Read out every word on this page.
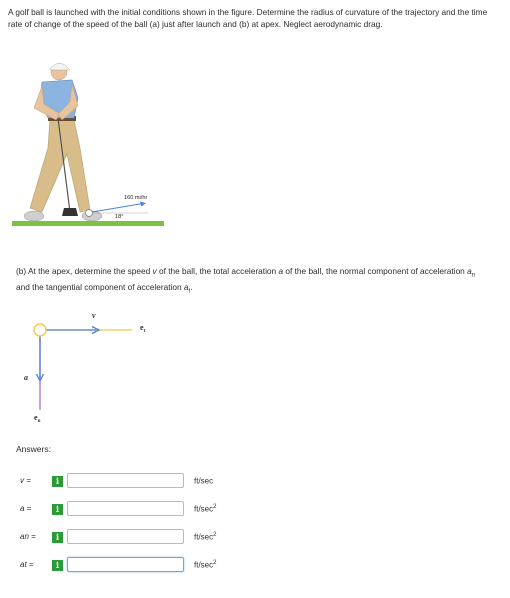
A golf ball is launched with the initial conditions shown in the figure. Determine the radius of curvature of the trajectory and the time rate of change of the speed of the ball (a) just after launch and (b) at apex. Neglect aerodynamic drag.
160 mi/hr
18°
(b) At the apex, determine the speed v of the ball, the total acceleration a of the ball, the normal component of acceleration $a_n$ and the tangential component of acceleration $a_t$.
v
$e_t$
a
$e_n$
Answers:
v =	i	ft/sec
a =	i	$ft/\sec^2$
an =	i	$ft/\sec^2$
at =	i	$ft/\sec^2$
